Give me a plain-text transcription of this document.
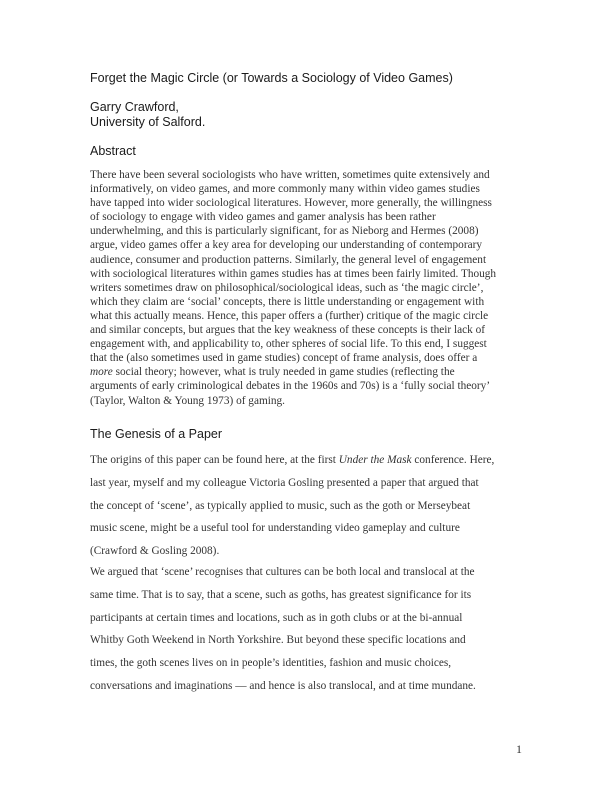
Forget the Magic Circle (or Towards a Sociology of Video Games)
Garry Crawford,
University of Salford.
Abstract
There have been several sociologists who have written, sometimes quite extensively and
informatively, on video games, and more commonly many within video games studies
have tapped into wider sociological literatures. However, more generally, the willingness
of sociology to engage with video games and gamer analysis has been rather
underwhelming, and this is particularly significant, for as Nieborg and Hermes (2008)
argue, video games offer a key area for developing our understanding of contemporary
audience, consumer and production patterns. Similarly, the general level of engagement
with sociological literatures within games studies has at times been fairly limited. Though
writers sometimes draw on philosophical/sociological ideas, such as ‘the magic circle’,
which they claim are ‘social’ concepts, there is little understanding or engagement with
what this actually means. Hence, this paper offers a (further) critique of the magic circle
and similar concepts, but argues that the key weakness of these concepts is their lack of
engagement with, and applicability to, other spheres of social life. To this end, I suggest
that the (also sometimes used in game studies) concept of frame analysis, does offer a
more social theory; however, what is truly needed in game studies (reflecting the
arguments of early criminological debates in the 1960s and 70s) is a ‘fully social theory’
(Taylor, Walton & Young 1973) of gaming.
The Genesis of a Paper
The origins of this paper can be found here, at the first Under the Mask conference. Here,
last year, myself and my colleague Victoria Gosling presented a paper that argued that
the concept of ‘scene’, as typically applied to music, such as the goth or Merseybeat
music scene, might be a useful tool for understanding video gameplay and culture
(Crawford & Gosling 2008).
We argued that ‘scene’ recognises that cultures can be both local and translocal at the
same time. That is to say, that a scene, such as goths, has greatest significance for its
participants at certain times and locations, such as in goth clubs or at the bi-annual
Whitby Goth Weekend in North Yorkshire. But beyond these specific locations and
times, the goth scenes lives on in people’s identities, fashion and music choices,
conversations and imaginations — and hence is also translocal, and at time mundane.
1
